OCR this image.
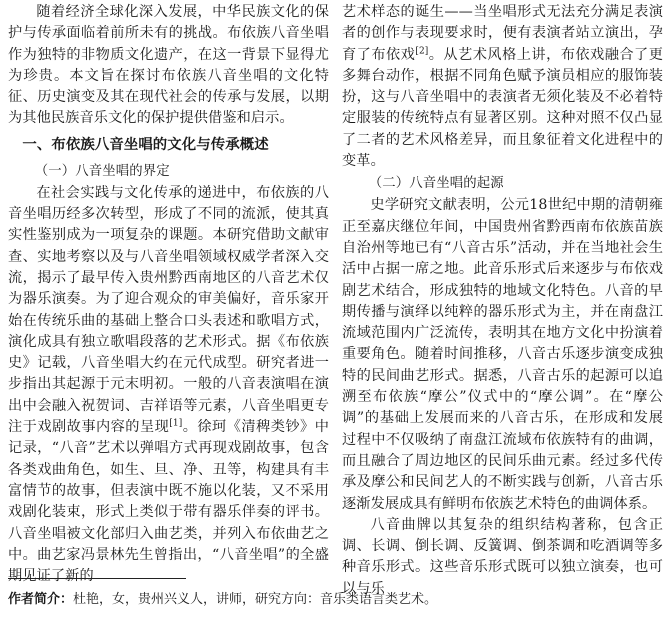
随着经济全球化深入发展，中华民族文化的保护与传承面临着前所未有的挑战。布依族八音坐唱作为独特的非物质文化遗产，在这一背景下显得尤为珍贵。本文旨在探讨布依族八音坐唱的文化特征、历史演变及其在现代社会的传承与发展，以期为其他民族音乐文化的保护提供借鉴和启示。

一、布依族八音坐唱的文化与传承概述
（一）八音坐唱的界定

在社会实践与文化传承的递进中，布依族的八音坐唱历经多次转型，形成了不同的流派，使其真实性鉴别成为一项复杂的课题。本研究借助文献审查、实地考察以及与八音坐唱领域权威学者深入交流，揭示了最早传入贵州黔西南地区的八音艺术仅为器乐演奏。为了迎合观众的审美偏好，音乐家开始在传统乐曲的基础上整合口头表述和歌唱方式，演化成具有独立歌唱段落的艺术形式。据《布依族史》记载，八音坐唱大约在元代成型。研究者进一步指出其起源于元末明初。一般的八音表演唱在演出中会融入祝贺词、吉祥语等元素，八音坐唱更专注于戏剧故事内容的呈现[1]。徐珂《清稗类钞》中记录，“八音”艺术以弹唱方式再现戏剧故事，包含各类戏曲角色，如生、旦、净、丑等，构建具有丰富情节的故事，但表演中既不施以化装，又不采用戏剧化装束，形式上类似于带有器乐伴奏的评书。八音坐唱被文化部归入曲艺类，并列入布依曲艺之中。曲艺家冯景林先生曾指出，“八音坐唱”的全盛期见证了新的

艺术样态的诞生——当坐唱形式无法充分满足表演者的创作与表现要求时，便有表演者站立演出，孕育了布依戏[2]。从艺术风格上讲，布依戏融合了更多舞台动作，根据不同角色赋予演员相应的服饰装扮，这与八音坐唱中的表演者无须化装及不必着特定服装的传统特点有显著区别。这种对照不仅凸显了二者的艺术风格差异，而且象征着文化进程中的变革。

（二）八音坐唱的起源

史学研究文献表明，公元18世纪中期的清朝雍正至嘉庆继位年间，中国贵州省黔西南布依族苗族自治州等地已有“八音古乐”活动，并在当地社会生活中占据一席之地。此音乐形式后来逐步与布依戏剧艺术结合，形成独特的地域文化特色。八音的早期传播与演绎以纯粹的器乐形式为主，并在南盘江流域范围内广泛流传，表明其在地方文化中扮演着重要角色。随着时间推移，八音古乐逐步演变成独特的民间曲艺形式。据悉，八音古乐的起源可以追溯至布依族“摩公”仪式中的“摩公调”。在“摩公调”的基础上发展而来的八音古乐，在形成和发展过程中不仅吸纳了南盘江流域布依族特有的曲调，而且融合了周边地区的民间乐曲元素。经过多代传承及摩公和民间艺人的不断实践与创新，八音古乐逐渐发展成具有鲜明布依族艺术特色的曲调体系。

八音曲牌以其复杂的组织结构著称，包含正调、长调、倒长调、反簧调、倒茶调和吃酒调等多种音乐形式。这些音乐形式既可以独立演奏，也可以与乐

作者简介：杜艳，女，贵州兴义人，讲师，研究方向：音乐类语言类艺术。
